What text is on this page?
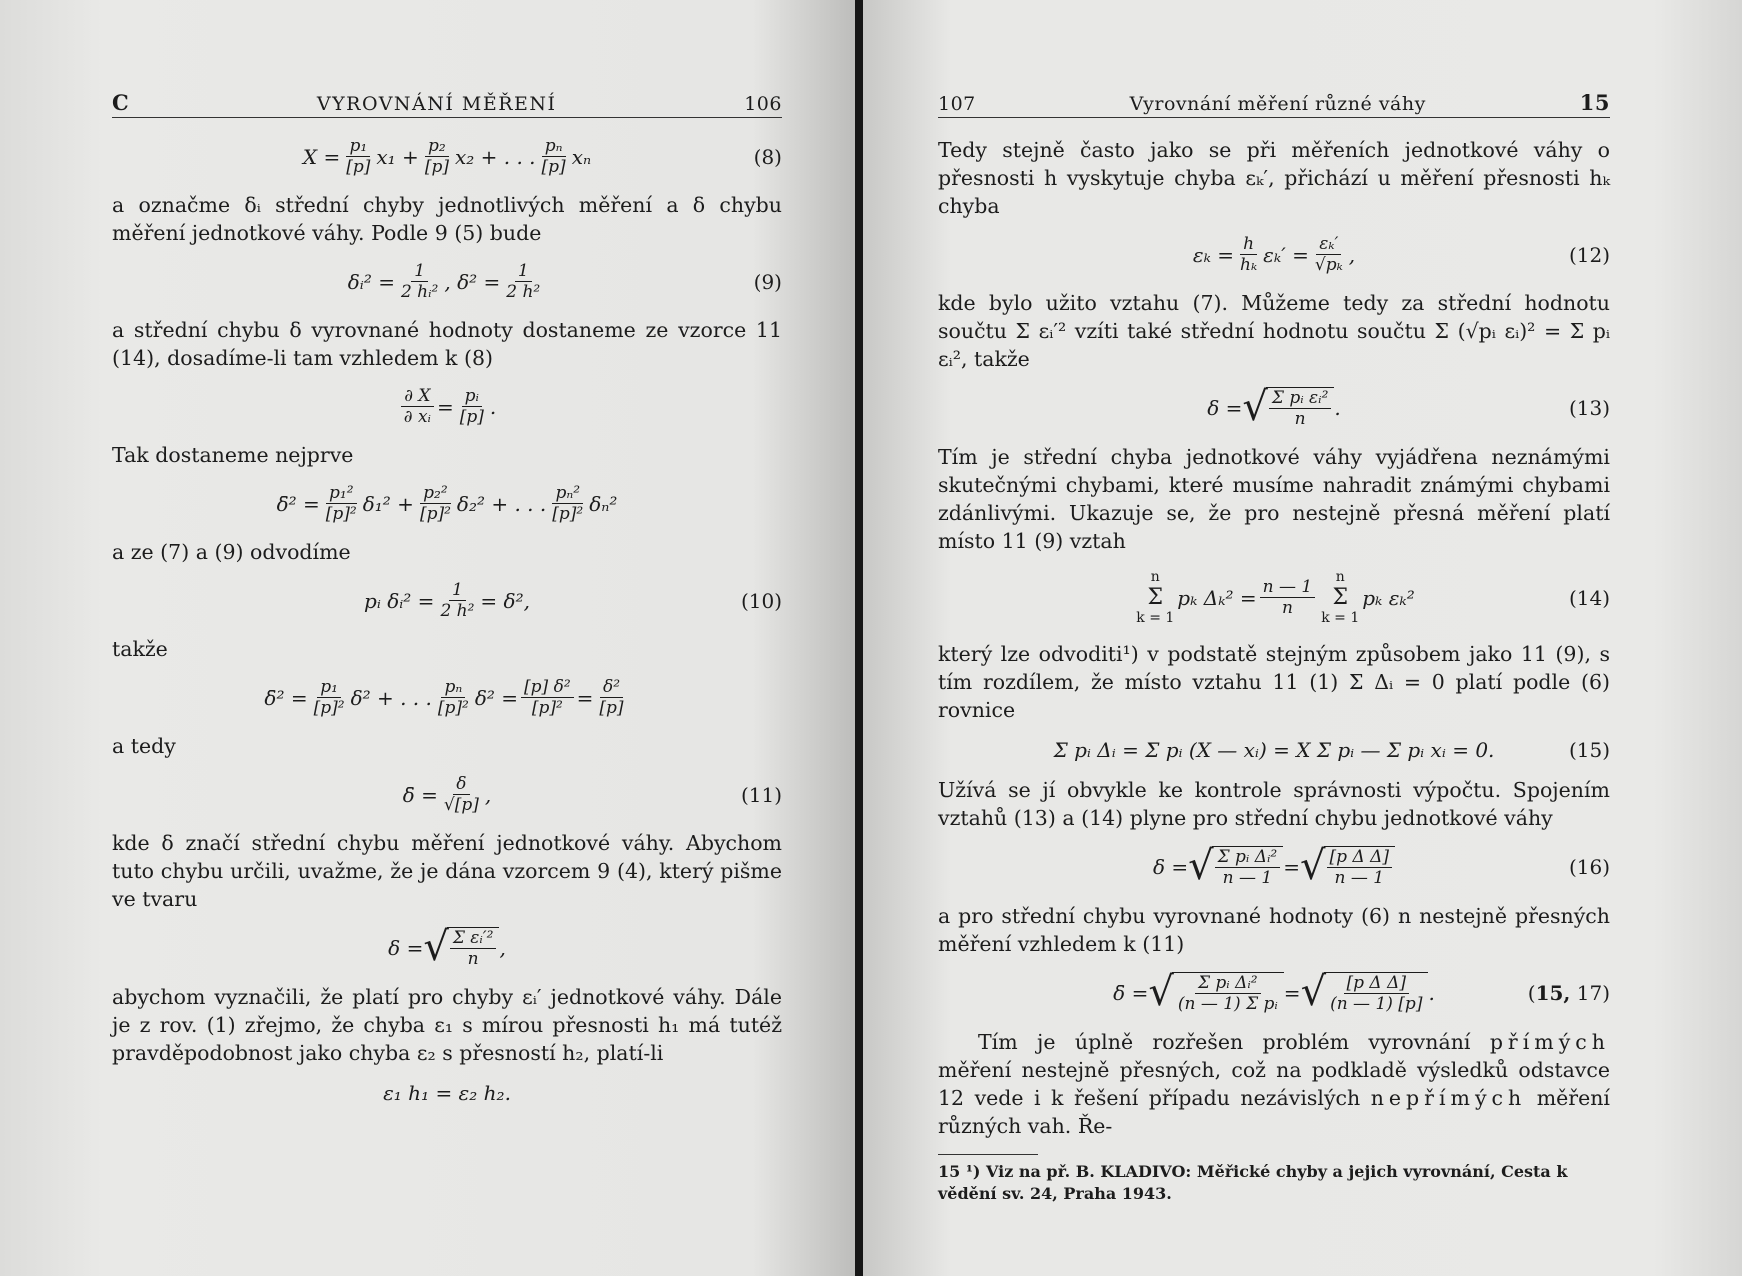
C	VYROVNÁNÍ MĚŘENÍ	106
$X = \frac{\text{p₁}}{[p]} x_1 + \frac{\text{p₂}}{[p]} x_2$ + . . . $\frac{\text{pₙ}}{[p]}$ xₙ	(8)

a označme δᵢ střední chyby jednotlivých měření a δ chybu měření jednotkové váhy. Podle 9 (5) bude

δᵢ² = $\frac{1}{\text{2 hᵢ²}}$ , $\delta^2 = \frac{1}{\text{2 h²}}$	(9)

a střední chybu δ vyrovnané hodnoty dostaneme ze vzorce 11 (14), dosadíme-li tam vzhledem k (8)

$\frac{\partial X}{\text{∂ xᵢ}} = \frac{\text{pᵢ}}{[p]}$ .

Tak dostaneme nejprve

δ̄² = $\frac{\text{p₁²}}{\text{[p]²}} \delta_1^2 + \frac{\text{p₂²}}{\text{[p]²}} \delta_2^2$ + . . . $\frac{\text{pₙ²}}{\text{[p]²}} \delta_n^2$

a ze (7) a (9) odvodíme

pᵢ δᵢ² = $\frac{1}{\text{2 h²}} = \delta^2$,	(10)

takže

δ̄² = $\frac{\text{p₁}}{\text{[p]²}} \delta^2$ + . . . $\frac{\text{pₙ}}{\text{[p]²}} \delta^2 = \frac{\text{[p] δ²}}{\text{[p]²}} = \frac{\text{δ²}}{[p]}$

a tedy

δ̄ = $\frac{\delta}{√[p]}$ ,	(11)

kde δ značí střední chybu měření jednotkové váhy. Abychom tuto chybu určili, uvažme, že je dána vzorcem 9 (4), který pišme ve tvaru

δ = √ $\frac{\text{Σ εᵢ′²}}{n}$ ,

abychom vyznačili, že platí pro chyby εᵢ′ jednotkové váhy. Dále je z rov. (1) zřejmo, že chyba ε₁ s mírou přesnosti h₁ má tutéž pravděpodobnost jako chyba ε₂ s přesností h₂, platí-li

ε₁ h₁ = ε₂ h₂.
107	Vyrovnání měření různé váhy	15

Tedy stejně často jako se při měřeních jednotkové váhy o přesnosti h vyskytuje chyba εₖ′, přichází u měření přesnosti hₖ chyba

$\varepsilon_k = \frac{h}{\text{hₖ}} \varepsilon_k' = \frac{\text{εₖ′}}{\text{√pₖ}}$ ,	(12)

kde bylo užito vztahu (7). Můžeme tedy za střední hodnotu součtu Σ εᵢ′² vzíti také střední hodnotu součtu Σ (√pᵢ εᵢ)² = Σ pᵢ εᵢ², takže

δ = √ $\frac{\text{Σ pᵢ εᵢ²}}{n}$ .	(13)

Tím je střední chyba jednotkové váhy vyjádřena neznámými skutečnými chybami, které musíme nahradit známými chybami zdánlivými. Ukazuje se, že pro nestejně přesná měření platí místo 11 (9) vztah

n
Σ
k = 1
pₖ $\Delta_k^2 = \frac{n — 1}{n}$ n
Σ
k = 1
pₖ εₖ²	(14)

který lze odvoditi¹) v podstatě stejným způsobem jako 11 (9), s tím rozdílem, že místo vztahu 11 (1) Σ Δᵢ = 0 platí podle (6) rovnice

Σ pᵢ Δᵢ = Σ pᵢ (X — xᵢ) = X Σ pᵢ — Σ pᵢ xᵢ = 0.	(15)

Užívá se jí obvykle ke kontrole správnosti výpočtu. Spojením vztahů (13) a (14) plyne pro střední chybu jednotkové váhy

δ = √ $\frac{\text{Σ pᵢ Δᵢ²}}{n — 1}$ = √ $\frac{\text{[p Δ Δ]}}{n — 1}$	(16)

a pro střední chybu vyrovnané hodnoty (6) n nestejně přesných měření vzhledem k (11)

δ̄ = √ $\frac{\text{Σ pᵢ Δᵢ²}}{\text{(n — 1) Σ pᵢ}}$ = √ $\frac{\text{[p Δ Δ]}}{(n — 1) [p]}$ .	(15, 17)

Tím je úplně rozřešen problém vyrovnání přímých měření nestejně přesných, což na podkladě výsledků odstavce 12 vede i k řešení případu nezávislých nepřímých měření různých vah. Ře-

15 ¹) Viz na př. B. KLADIVO: Měřické chyby a jejich vyrovnání, Cesta k vědění sv. 24, Praha 1943.
